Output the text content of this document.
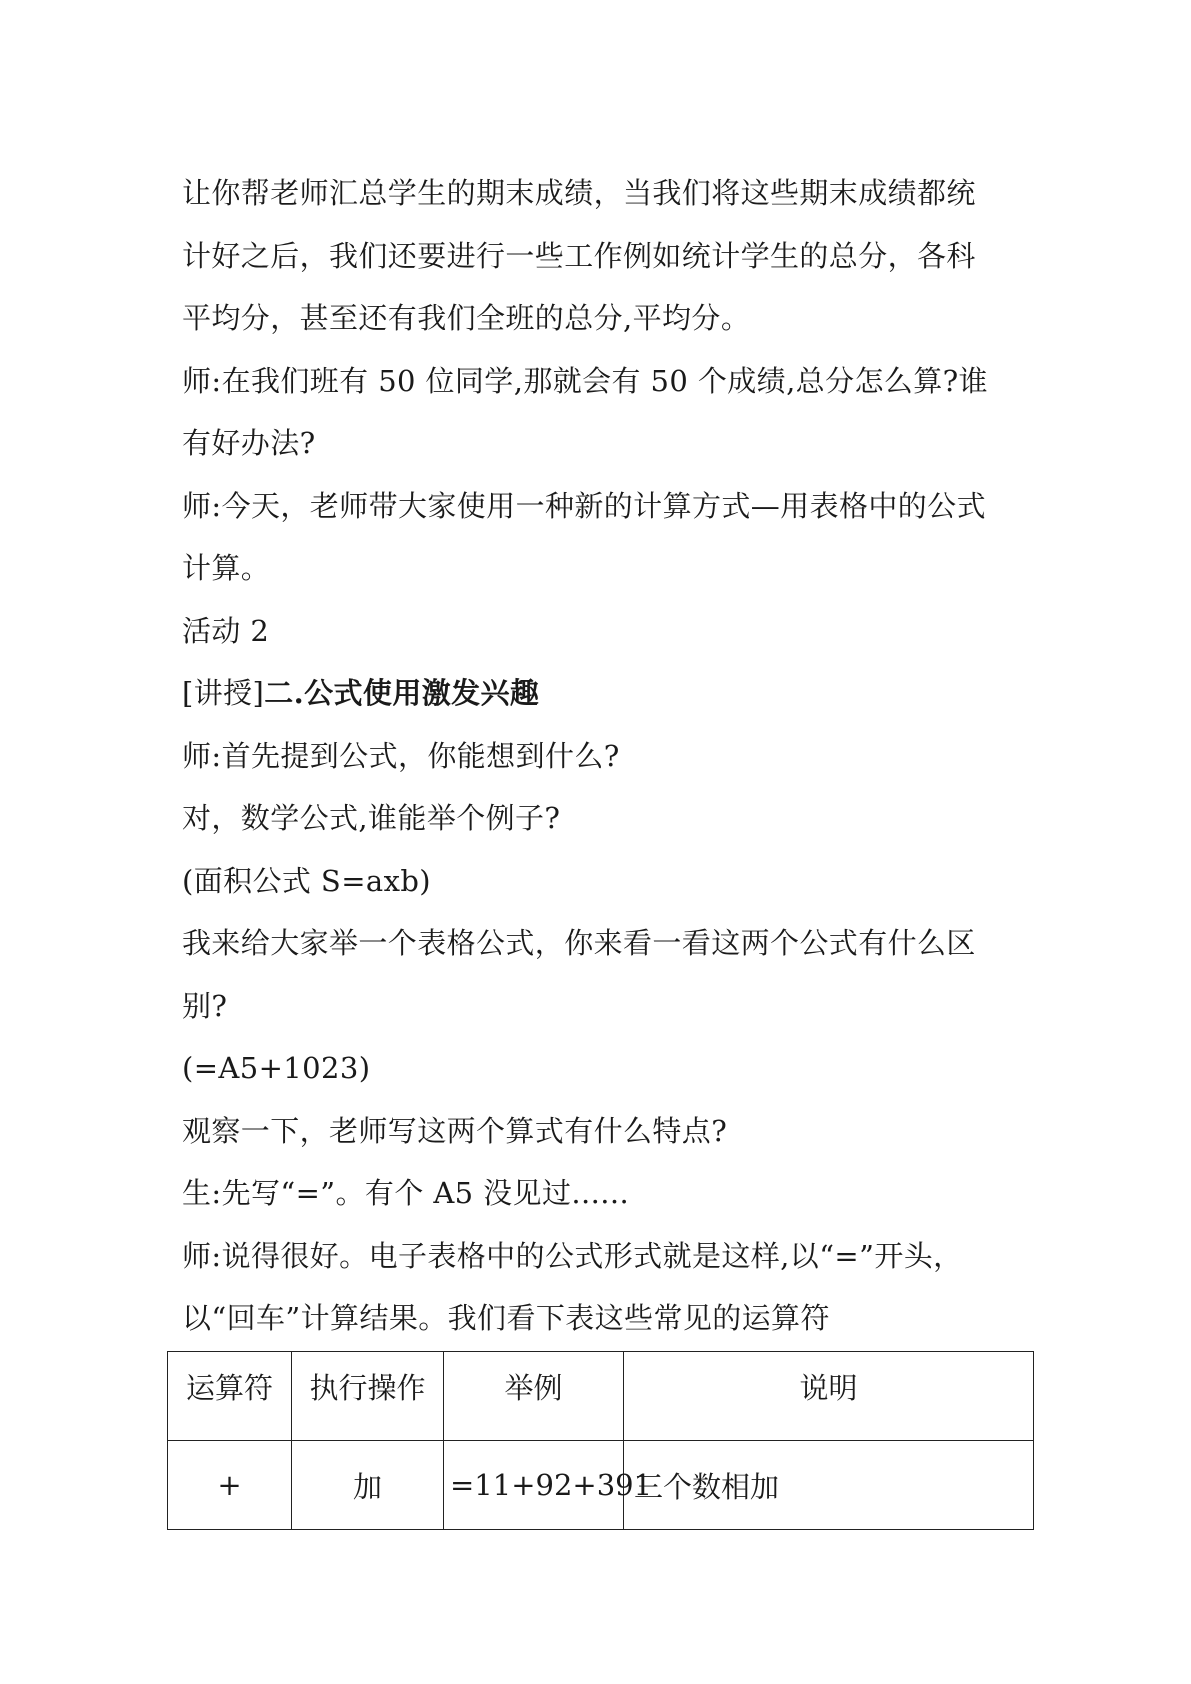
让你帮老师汇总学生的期末成绩，当我们将这些期末成绩都统
计好之后，我们还要进行一些工作例如统计学生的总分，各科
平均分，甚至还有我们全班的总分,平均分。
师:在我们班有 50 位同学,那就会有 50 个成绩,总分怎么算?谁
有好办法?
师:今天，老师带大家使用一种新的计算方式—用表格中的公式
计算。
活动 2
[讲授]二.公式使用激发兴趣
师:首先提到公式，你能想到什么?
对，数学公式,谁能举个例子?
(面积公式 S=axb)
我来给大家举一个表格公式，你来看一看这两个公式有什么区
别?
(=A5+1023)
观察一下，老师写这两个算式有什么特点?
生:先写“=”。有个 A5 没见过......
师:说得很好。电子表格中的公式形式就是这样,以“=”开头，
以“回车”计算结果。我们看下表这些常见的运算符
运算符	执行操作	举例	说明
+	加	=11+92+391	三个数相加
